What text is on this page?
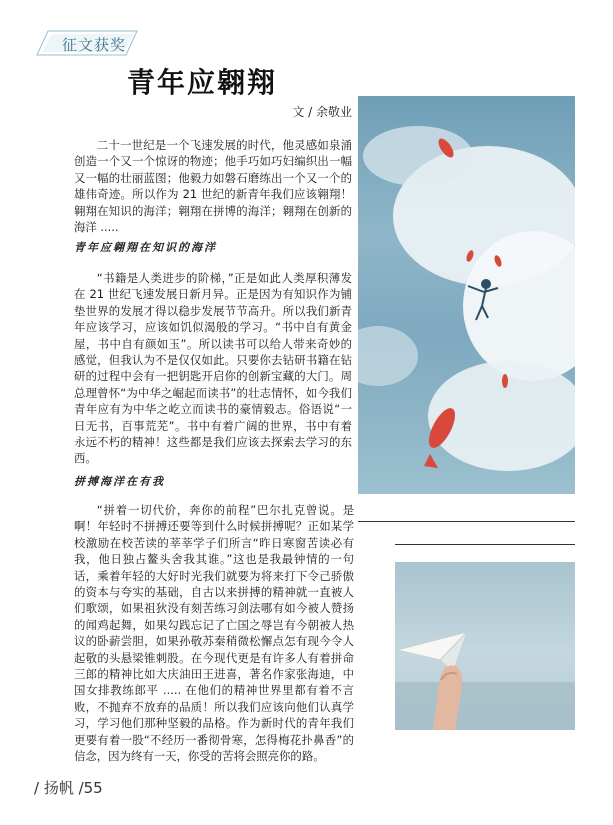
征文获奖
青年应翱翔
文 / 余敬业

二十一世纪是一个飞速发展的时代，他灵感如泉涌创造一个又一个惊讶的物迹；他手巧如巧妇编织出一幅又一幅的壮丽蓝图；他毅力如磐石磨练出一个又一个的雄伟奇迹。所以作为 21 世纪的新青年我们应该翱翔！翱翔在知识的海洋；翱翔在拼博的海洋；翱翔在创新的海洋 .....

青年应翱翔在知识的海洋

“书籍是人类进步的阶梯，”正是如此人类厚积薄发在 21 世纪飞速发展日新月异。正是因为有知识作为铺垫世界的发展才得以稳步发展节节高升。所以我们新青年应该学习，应该如饥似渴般的学习。“书中自有黄金屋，书中自有颜如玉”。所以读书可以给人带来奇妙的感觉，但我认为不是仅仅如此。只要你去钻研书籍在钻研的过程中会有一把钥匙开启你的创新宝藏的大门。周总理曾怀“为中华之崛起而读书”的壮志情怀，如今我们青年应有为中华之屹立而读书的豪情毅志。俗语说“一日无书，百事荒芜”。书中有着广阔的世界，书中有着永远不朽的精神！这些都是我们应该去探索去学习的东西。

拼搏海洋在有我

“拼着一切代价，奔你的前程”巴尔扎克曾说。是啊！年轻时不拼搏还要等到什么时候拼搏呢？正如某学校激励在校苦读的莘莘学子们所言“昨日寒窗苦读必有我，他日独占鳌头舍我其谁。”这也是我最钟情的一句话，乘着年轻的大好时光我们就要为将来打下令己骄傲的资本与夸实的基础，自古以来拼搏的精神就一直被人们歌颂，如果祖狄没有刻苦练习剑法哪有如今被人赞扬的闻鸡起舞，如果勾践忘记了亡国之辱岂有今朝被人热议的卧薪尝胆，如果孙敬苏秦稍微松懈点怎有现今令人起敬的头悬梁锥刺股。在今现代更是有许多人有着拼命三郎的精神比如大庆油田王进喜，著名作家张海迪，中国女排教练郎平 ..... 在他们的精神世界里都有着不言败，不抛弃不放弃的品质！所以我们应该向他们认真学习，学习他们那种坚毅的品格。作为新时代的青年我们更要有着一股“不经历一番彻骨寒，怎得梅花扑鼻香”的信念，因为终有一天，你受的苦将会照亮你的路。

/ 扬帆 /55
